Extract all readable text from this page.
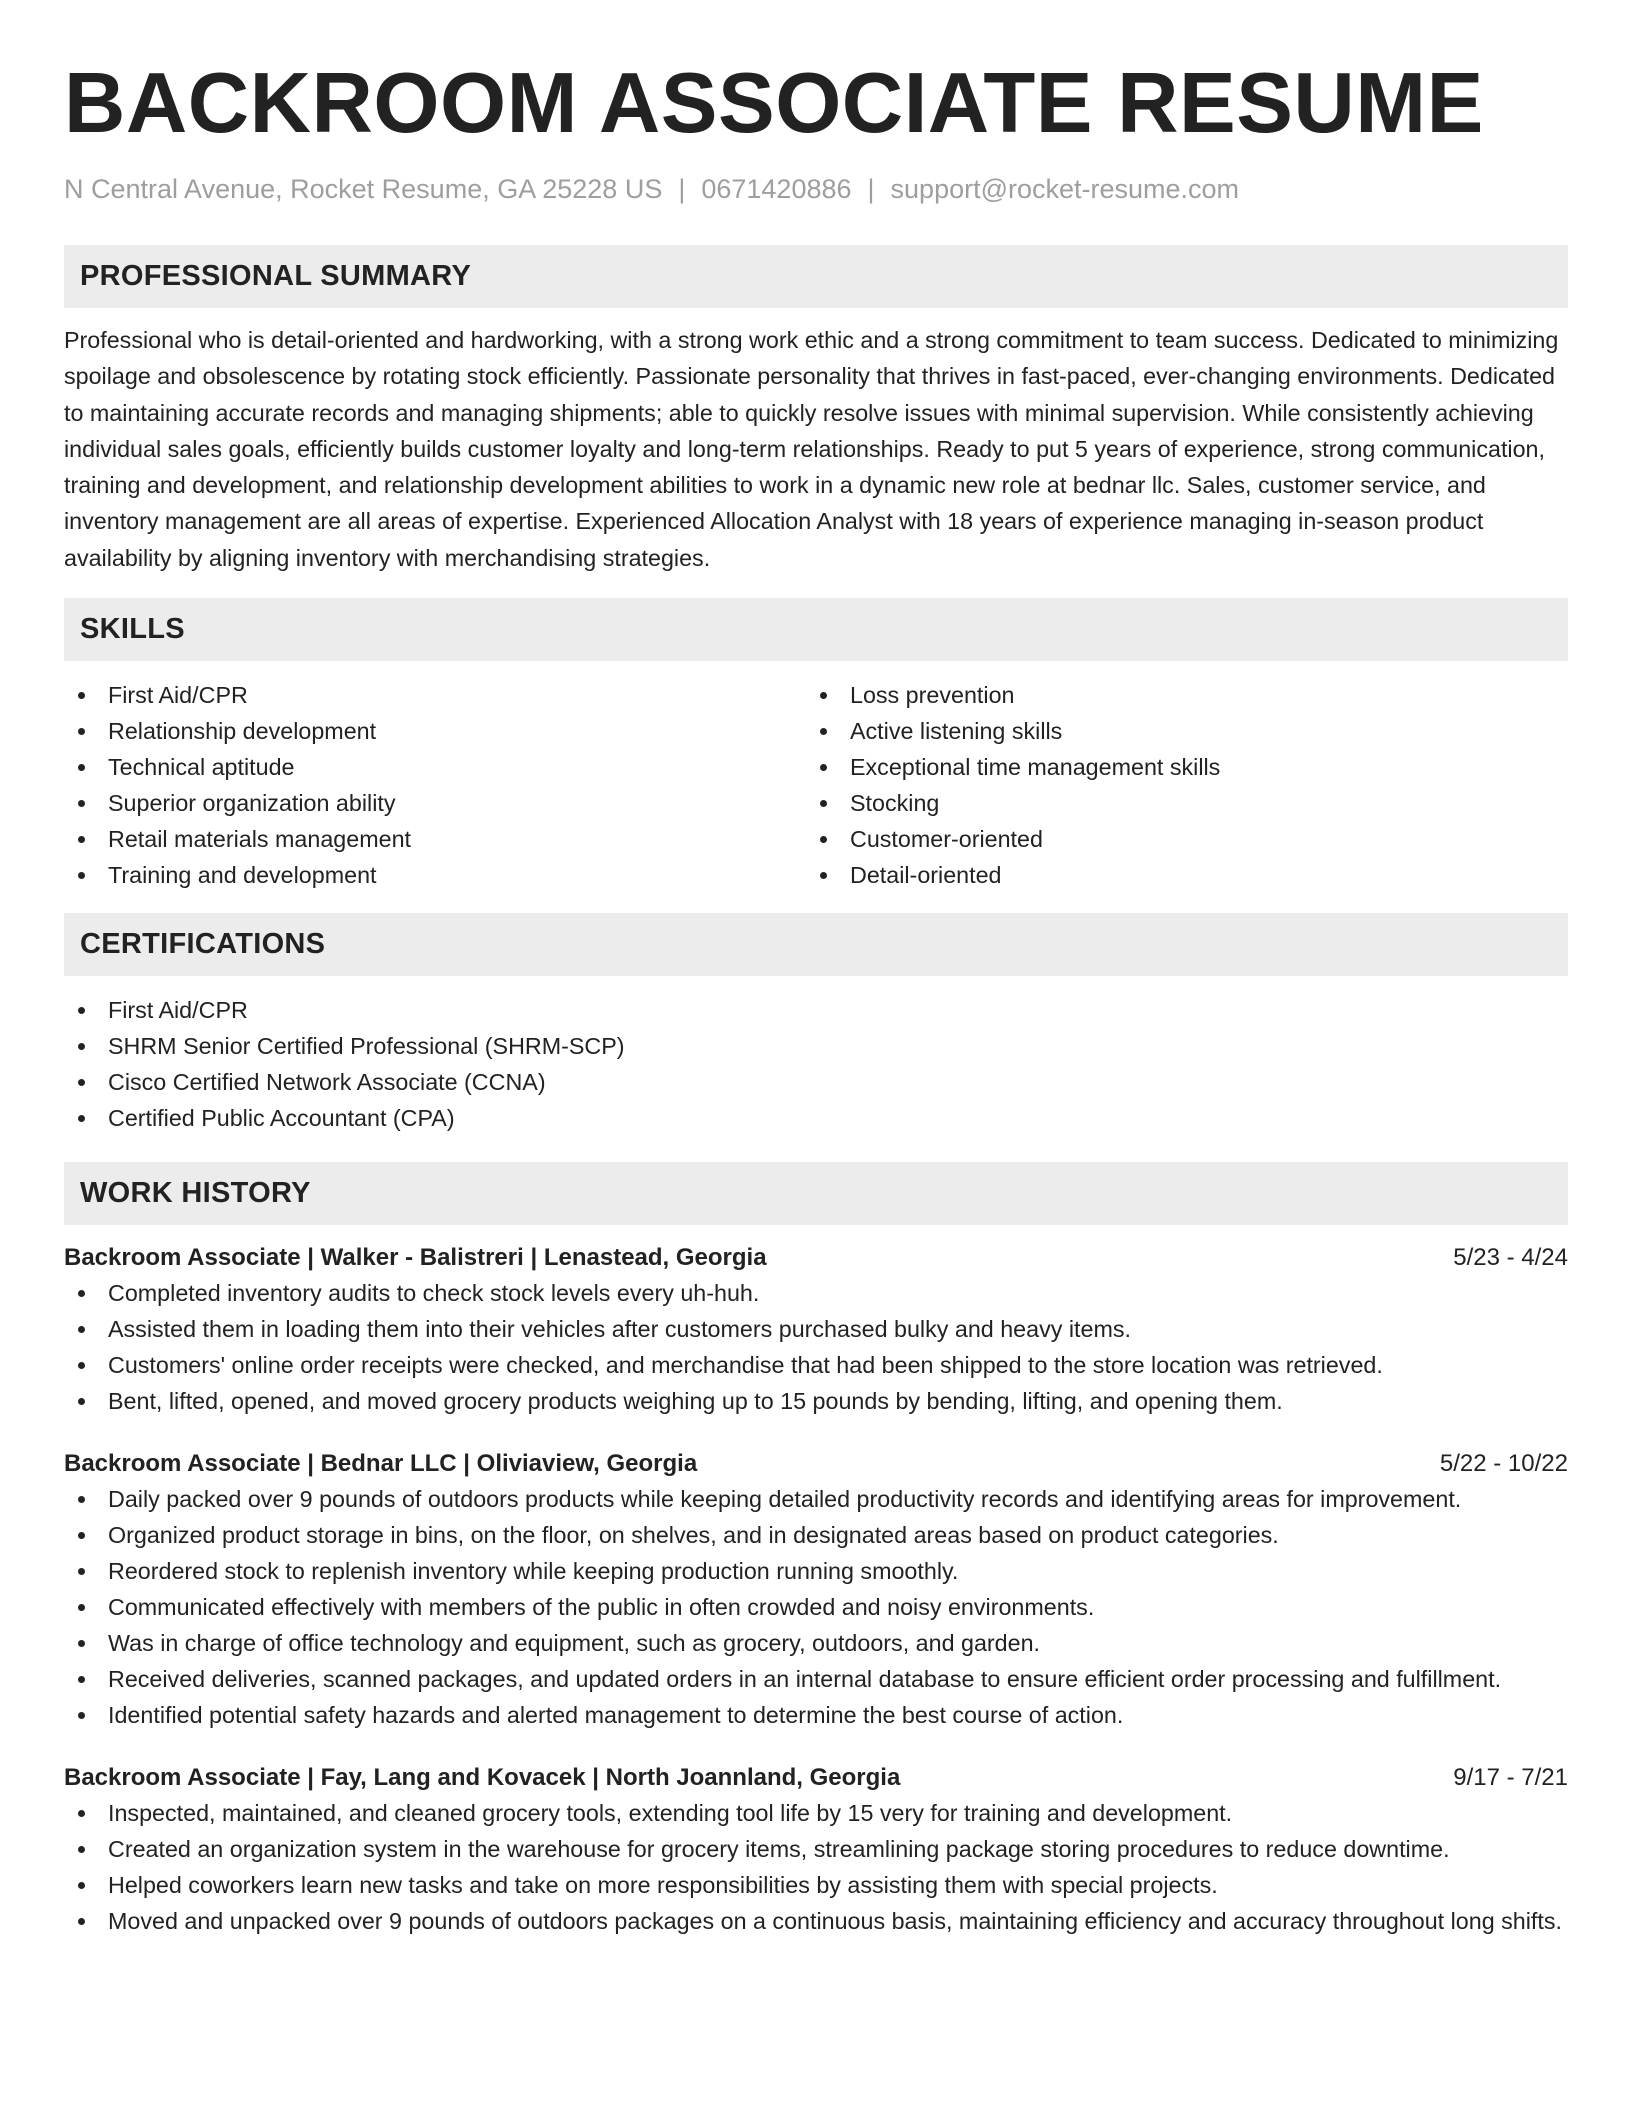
BACKROOM ASSOCIATE RESUME
N Central Avenue, Rocket Resume, GA 25228 US | 0671420886 | support@rocket-resume.com
PROFESSIONAL SUMMARY

Professional who is detail-oriented and hardworking, with a strong work ethic and a strong commitment to team success. Dedicated to minimizing spoilage and obsolescence by rotating stock efficiently. Passionate personality that thrives in fast-paced, ever-changing environments. Dedicated to maintaining accurate records and managing shipments; able to quickly resolve issues with minimal supervision. While consistently achieving individual sales goals, efficiently builds customer loyalty and long-term relationships. Ready to put 5 years of experience, strong communication, training and development, and relationship development abilities to work in a dynamic new role at bednar llc. Sales, customer service, and inventory management are all areas of expertise. Experienced Allocation Analyst with 18 years of experience managing in-season product availability by aligning inventory with merchandising strategies.

SKILLS
First Aid/CPR
Relationship development
Technical aptitude
Superior organization ability
Retail materials management
Training and development
Loss prevention
Active listening skills
Exceptional time management skills
Stocking
Customer-oriented
Detail-oriented
CERTIFICATIONS
First Aid/CPR
SHRM Senior Certified Professional (SHRM-SCP)
Cisco Certified Network Associate (CCNA)
Certified Public Accountant (CPA)
WORK HISTORY
Backroom Associate | Walker - Balistreri | Lenastead, Georgia	5/23 - 4/24
Completed inventory audits to check stock levels every uh-huh.
Assisted them in loading them into their vehicles after customers purchased bulky and heavy items.
Customers' online order receipts were checked, and merchandise that had been shipped to the store location was retrieved.
Bent, lifted, opened, and moved grocery products weighing up to 15 pounds by bending, lifting, and opening them.
Backroom Associate | Bednar LLC | Oliviaview, Georgia	5/22 - 10/22
Daily packed over 9 pounds of outdoors products while keeping detailed productivity records and identifying areas for improvement.
Organized product storage in bins, on the floor, on shelves, and in designated areas based on product categories.
Reordered stock to replenish inventory while keeping production running smoothly.
Communicated effectively with members of the public in often crowded and noisy environments.
Was in charge of office technology and equipment, such as grocery, outdoors, and garden.
Received deliveries, scanned packages, and updated orders in an internal database to ensure efficient order processing and fulfillment.
Identified potential safety hazards and alerted management to determine the best course of action.
Backroom Associate | Fay, Lang and Kovacek | North Joannland, Georgia	9/17 - 7/21
Inspected, maintained, and cleaned grocery tools, extending tool life by 15 very for training and development.
Created an organization system in the warehouse for grocery items, streamlining package storing procedures to reduce downtime.
Helped coworkers learn new tasks and take on more responsibilities by assisting them with special projects.
Moved and unpacked over 9 pounds of outdoors packages on a continuous basis, maintaining efficiency and accuracy throughout long shifts.
